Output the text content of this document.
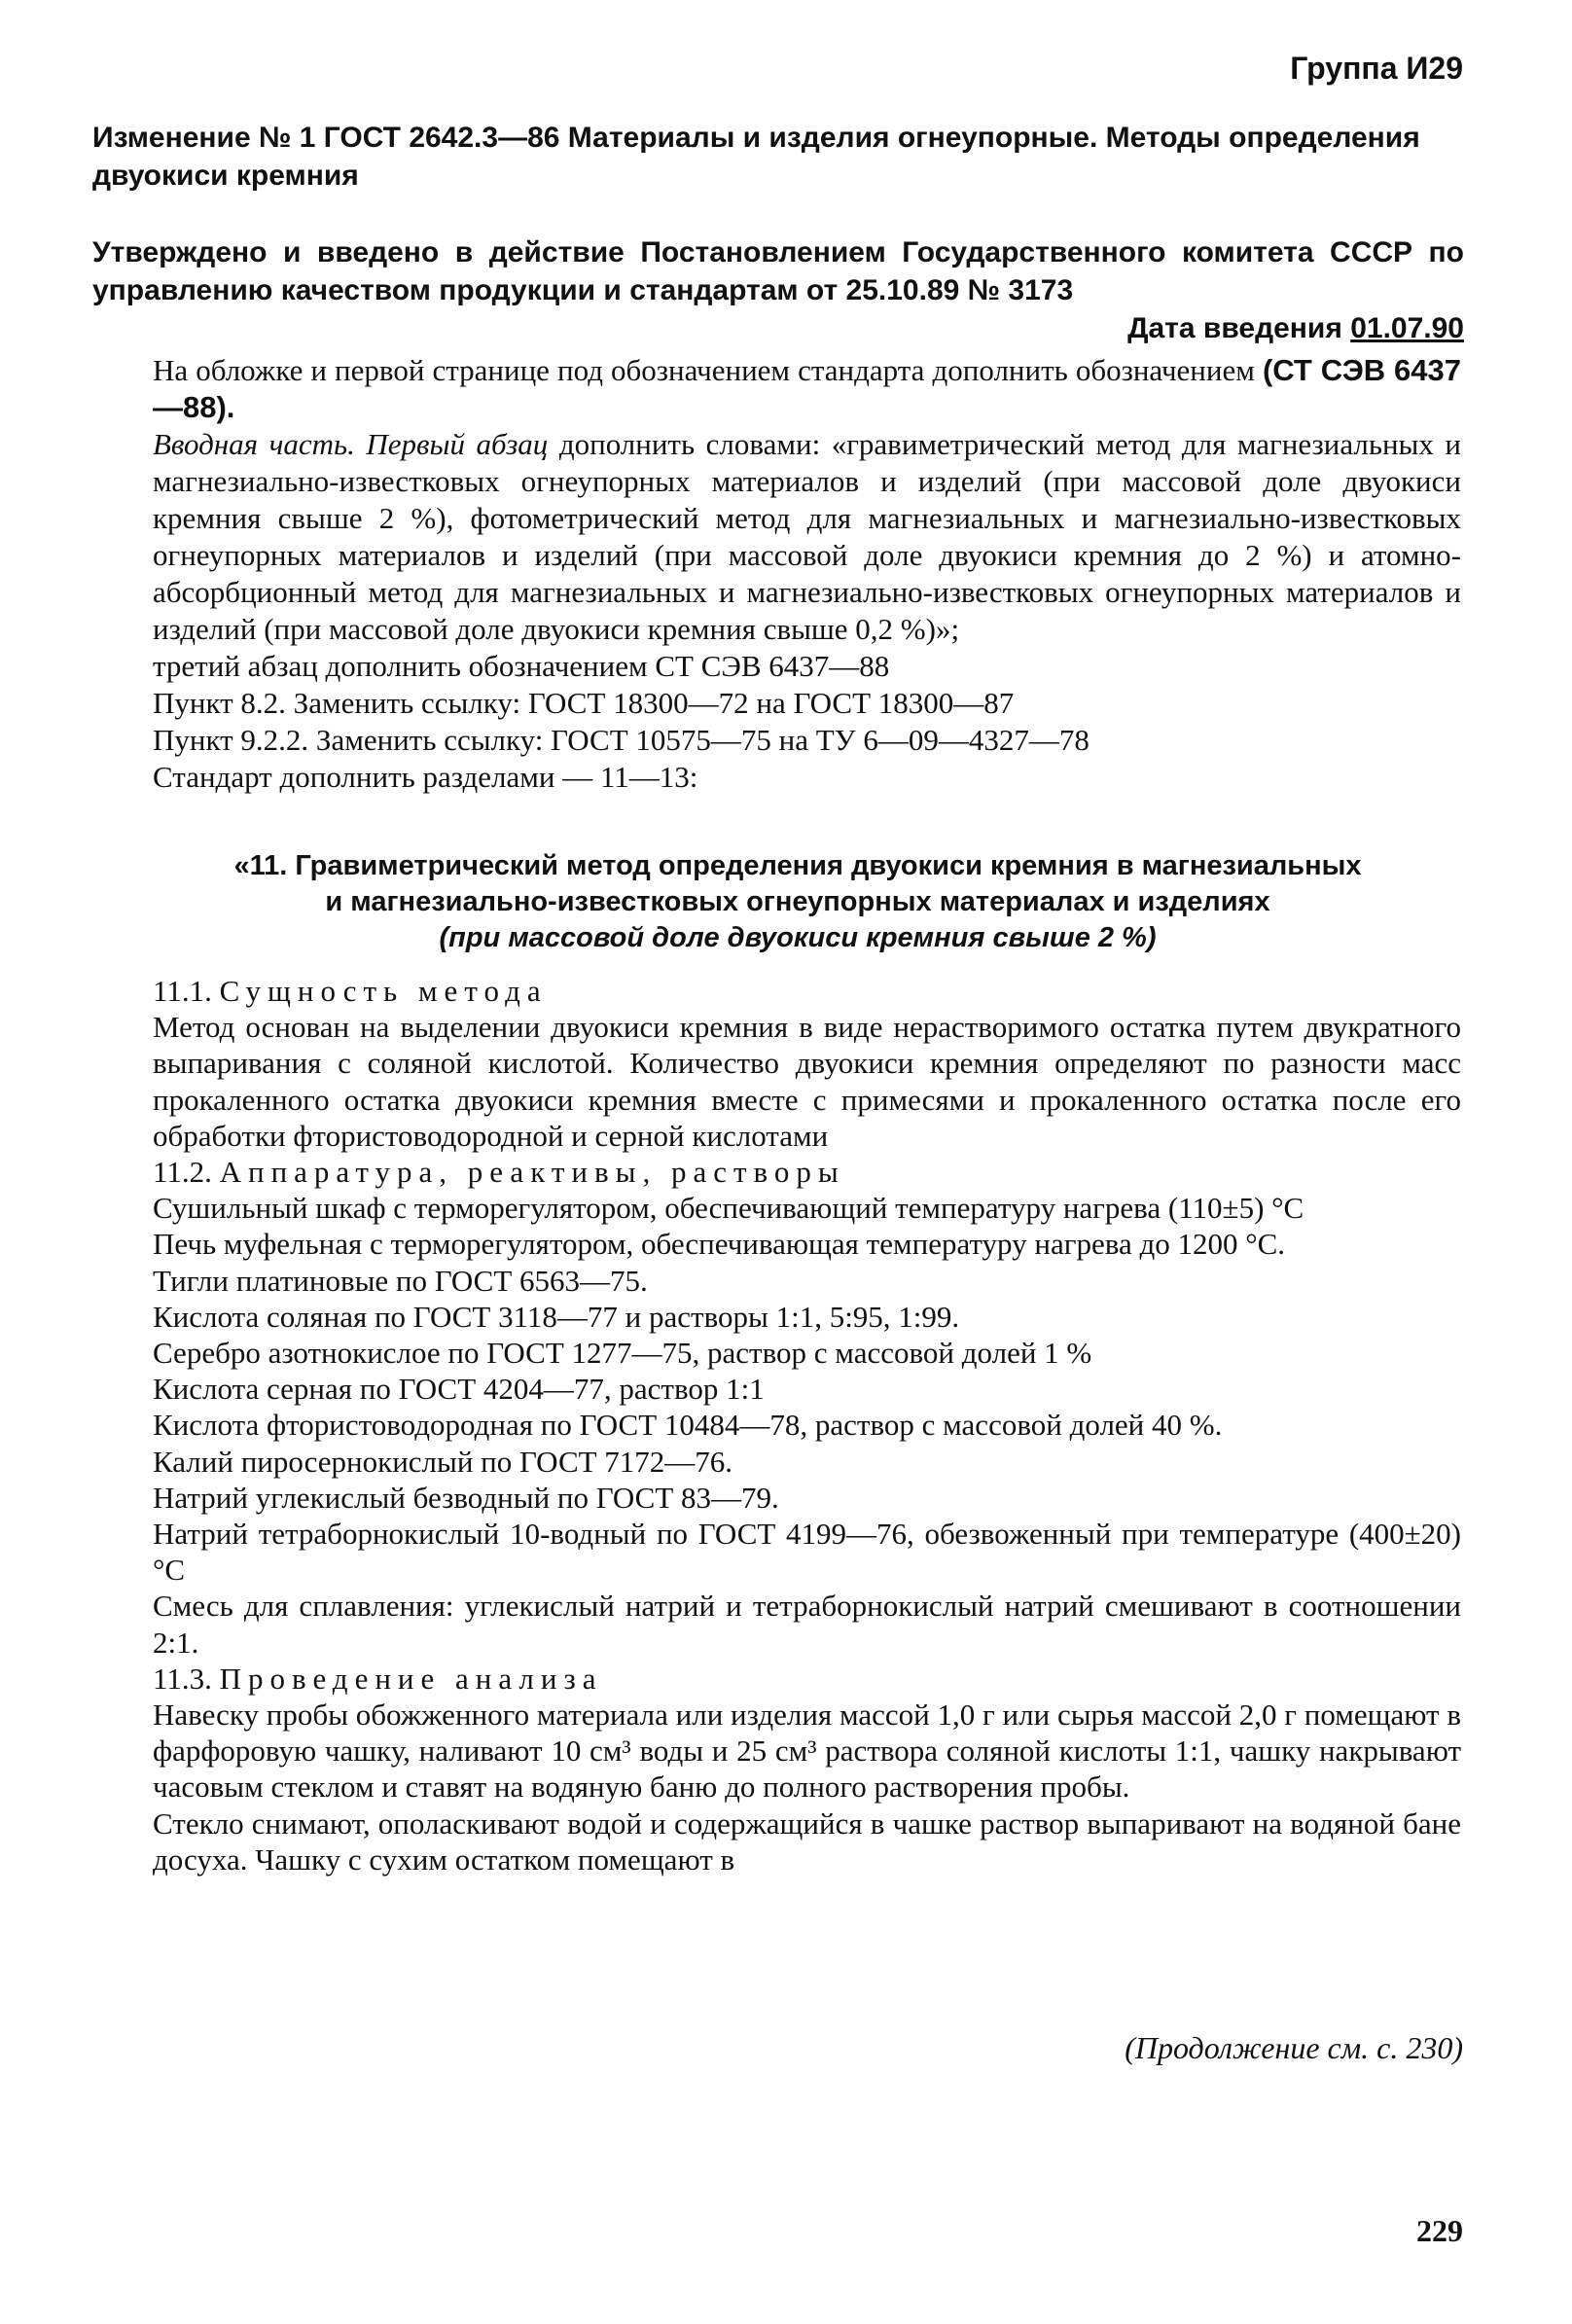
Группа И29

Изменение № 1 ГОСТ 2642.3—86 Материалы и изделия огнеупорные. Методы определения двуокиси кремния

Утверждено и введено в действие Постановлением Государственного комитета СССР по управлению качеством продукции и стандартам от 25.10.89 № 3173

Дата введения 01.07.90

На обложке и первой странице под обозначением стандарта дополнить обозначением (СТ СЭВ 6437—88).

Вводная часть. Первый абзац дополнить словами: «гравиметрический метод для магнезиальных и магнезиально-известковых огнеупорных материалов и изделий (при массовой доле двуокиси кремния свыше 2 %), фотометрический метод для магнезиальных и магнезиально-известковых огнеупорных материалов и изделий (при массовой доле двуокиси кремния до 2 %) и атомно-абсорбционный метод для магнезиальных и магнезиально-известковых огнеупорных материалов и изделий (при массовой доле двуокиси кремния свыше 0,2 %)»;

третий абзац дополнить обозначением СТ СЭВ 6437—88

Пункт 8.2. Заменить ссылку: ГОСТ 18300—72 на ГОСТ 18300—87

Пункт 9.2.2. Заменить ссылку: ГОСТ 10575—75 на ТУ 6—09—4327—78

Стандарт дополнить разделами — 11—13:

«11. Гравиметрический метод определения двуокиси кремния в магнезиальных
и магнезиально-известковых огнеупорных материалах и изделиях
(при массовой доле двуокиси кремния свыше 2 %)

11.1. Сущность метода

Метод основан на выделении двуокиси кремния в виде нерастворимого остатка путем двукратного выпаривания с соляной кислотой. Количество двуокиси кремния определяют по разности масс прокаленного остатка двуокиси кремния вместе с примесями и прокаленного остатка после его обработки фтористоводородной и серной кислотами

11.2. Аппаратура, реактивы, растворы

Сушильный шкаф с терморегулятором, обеспечивающий температуру нагрева (110±5) °С

Печь муфельная с терморегулятором, обеспечивающая температуру нагрева до 1200 °С.

Тигли платиновые по ГОСТ 6563—75.

Кислота соляная по ГОСТ 3118—77 и растворы 1:1, 5:95, 1:99.

Серебро азотнокислое по ГОСТ 1277—75, раствор с массовой долей 1 %

Кислота серная по ГОСТ 4204—77, раствор 1:1

Кислота фтористоводородная по ГОСТ 10484—78, раствор с массовой долей 40 %.

Калий пиросернокислый по ГОСТ 7172—76.

Натрий углекислый безводный по ГОСТ 83—79.

Натрий тетраборнокислый 10-водный по ГОСТ 4199—76, обезвоженный при температуре (400±20) °С

Смесь для сплавления: углекислый натрий и тетраборнокислый натрий смешивают в соотношении 2:1.

11.3. Проведение анализа

Навеску пробы обожженного материала или изделия массой 1,0 г или сырья массой 2,0 г помещают в фарфоровую чашку, наливают 10 см³ воды и 25 см³ раствора соляной кислоты 1:1, чашку накрывают часовым стеклом и ставят на водяную баню до полного растворения пробы.

Стекло снимают, ополаскивают водой и содержащийся в чашке раствор выпаривают на водяной бане досуха. Чашку с сухим остатком помещают в

(Продолжение см. с. 230)
229
